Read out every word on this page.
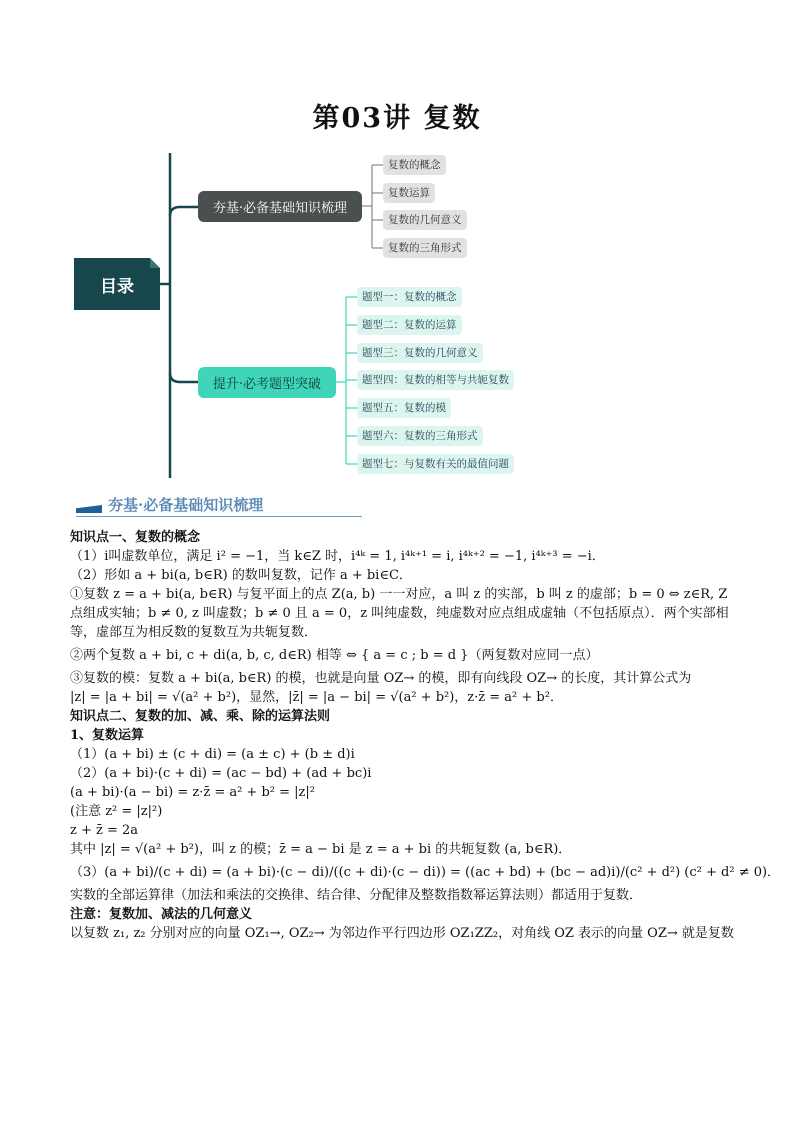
第03讲 复数
目录
夯基·必备基础知识梳理
提升·必考题型突破
复数的概念
复数运算
复数的几何意义
复数的三角形式
题型一：复数的概念
题型二：复数的运算
题型三：复数的几何意义
题型四：复数的相等与共轭复数
题型五：复数的模
题型六：复数的三角形式
题型七：与复数有关的最值问题
夯基·必备基础知识梳理

知识点一、复数的概念

（1）i叫虚数单位，满足 i² = −1，当 k∈Z 时，i⁴ᵏ = 1, i⁴ᵏ⁺¹ = i, i⁴ᵏ⁺² = −1, i⁴ᵏ⁺³ = −i．

（2）形如 a + bi(a, b∈R) 的数叫复数，记作 a + bi∈C．

①复数 z = a + bi(a, b∈R) 与复平面上的点 Z(a, b) 一一对应，a 叫 z 的实部，b 叫 z 的虚部；b = 0 ⇔ z∈R, Z 点组成实轴；b ≠ 0, z 叫虚数；b ≠ 0 且 a = 0，z 叫纯虚数，纯虚数对应点组成虚轴（不包括原点）．两个实部相等，虚部互为相反数的复数互为共轭复数．

②两个复数 a + bi, c + di(a, b, c, d∈R) 相等 ⇔ { a = c ; b = d }（两复数对应同一点）

③复数的模：复数 a + bi(a, b∈R) 的模，也就是向量 OZ→ 的模，即有向线段 OZ→ 的长度，其计算公式为

|z| = |a + bi| = √(a² + b²)，显然，|z̄| = |a − bi| = √(a² + b²)，z·z̄ = a² + b²．

知识点二、复数的加、减、乘、除的运算法则

1、复数运算

（1）(a + bi) ± (c + di) = (a ± c) + (b ± d)i

（2）(a + bi)·(c + di) = (ac − bd) + (ad + bc)i

(a + bi)·(a − bi) = z·z̄ = a² + b² = |z|²

(注意 z² = |z|²)

z + z̄ = 2a

其中 |z| = √(a² + b²)，叫 z 的模；z̄ = a − bi 是 z = a + bi 的共轭复数 (a, b∈R)．

（3）(a + bi)/(c + di) = (a + bi)·(c − di)/((c + di)·(c − di)) = ((ac + bd) + (bc − ad)i)/(c² + d²) (c² + d² ≠ 0)．

实数的全部运算律（加法和乘法的交换律、结合律、分配律及整数指数幂运算法则）都适用于复数．

注意：复数加、减法的几何意义

以复数 z₁, z₂ 分别对应的向量 OZ₁→, OZ₂→ 为邻边作平行四边形 OZ₁ZZ₂，对角线 OZ 表示的向量 OZ→ 就是复数
